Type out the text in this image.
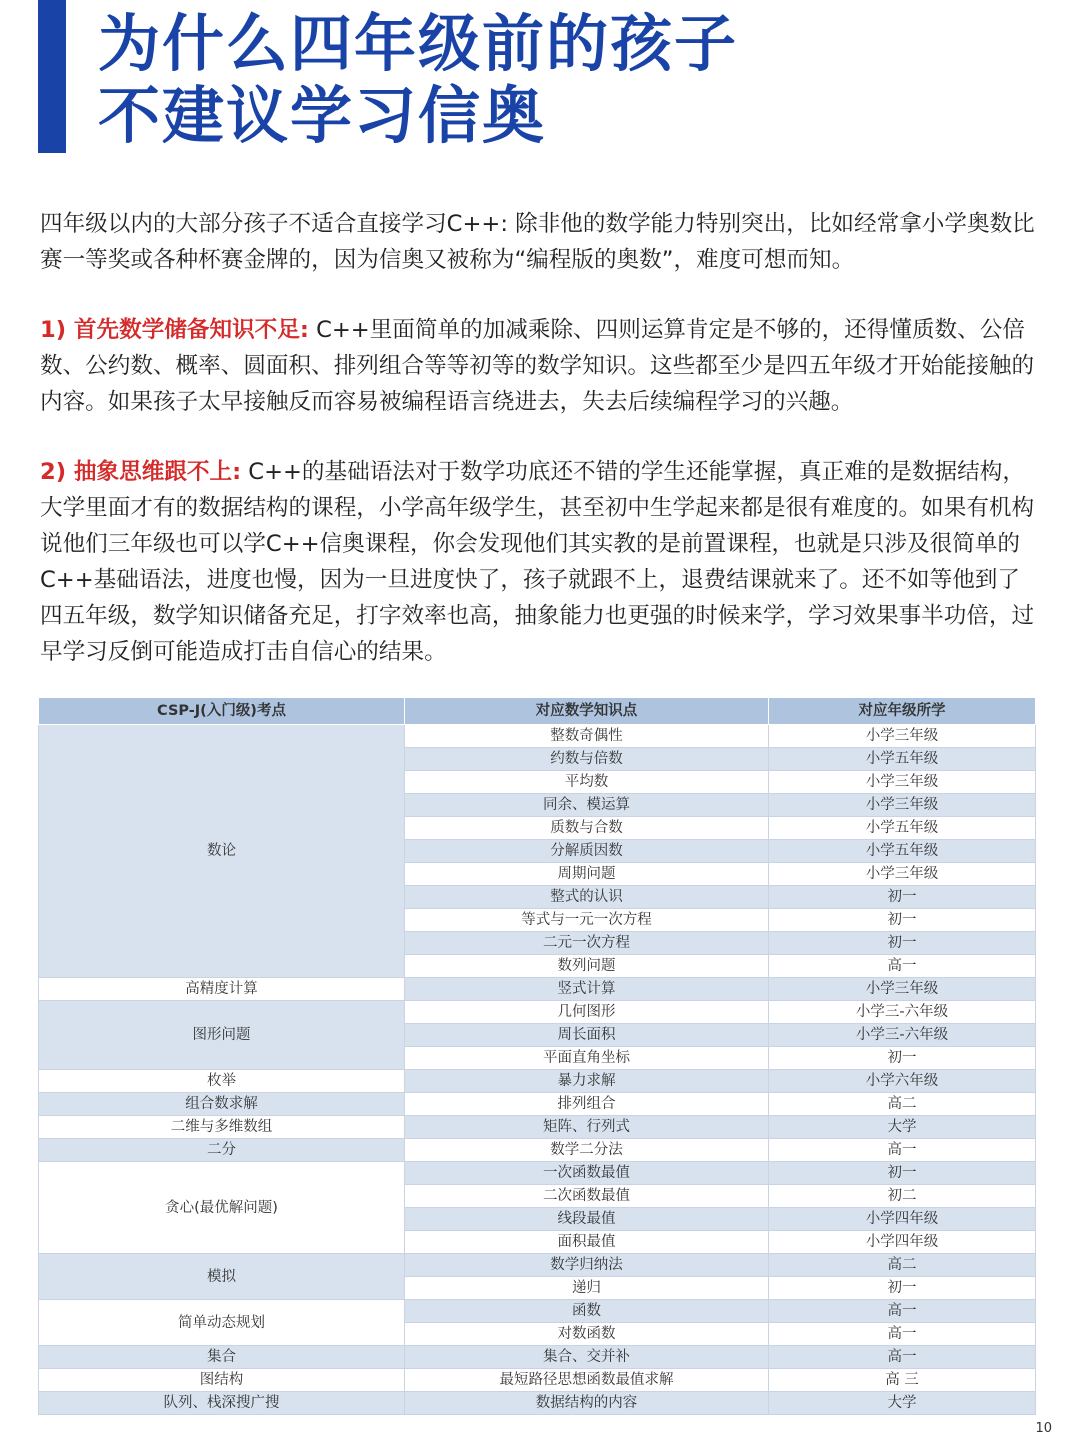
为什么四年级前的孩子
不建议学习信奥

四年级以内的大部分孩子不适合直接学习C++: 除非他的数学能力特别突出，比如经常拿小学奥数比赛一等奖或各种杯赛金牌的，因为信奥又被称为“编程版的奥数”，难度可想而知。

1) 首先数学储备知识不足: C++里面简单的加减乘除、四则运算肯定是不够的，还得懂质数、公倍数、公约数、概率、圆面积、排列组合等等初等的数学知识。这些都至少是四五年级才开始能接触的内容。如果孩子太早接触反而容易被编程语言绕进去，失去后续编程学习的兴趣。

2) 抽象思维跟不上: C++的基础语法对于数学功底还不错的学生还能掌握，真正难的是数据结构，大学里面才有的数据结构的课程，小学高年级学生，甚至初中生学起来都是很有难度的。如果有机构说他们三年级也可以学C++信奥课程，你会发现他们其实教的是前置课程，也就是只涉及很简单的C++基础语法，进度也慢，因为一旦进度快了，孩子就跟不上，退费结课就来了。还不如等他到了四五年级，数学知识储备充足，打字效率也高，抽象能力也更强的时候来学，学习效果事半功倍，过早学习反倒可能造成打击自信心的结果。

CSP-J(入门级)考点	对应数学知识点	对应年级所学
数论	整数奇偶性	小学三年级
	约数与倍数	小学五年级
	平均数	小学三年级
	同余、模运算	小学三年级
	质数与合数	小学五年级
	分解质因数	小学五年级
	周期问题	小学三年级
	整式的认识	初一
	等式与一元一次方程	初一
	二元一次方程	初一
	数列问题	高一
高精度计算	竖式计算	小学三年级
图形问题	几何图形	小学三-六年级
	周长面积	小学三-六年级
	平面直角坐标	初一
枚举	暴力求解	小学六年级
组合数求解	排列组合	高二
二维与多维数组	矩阵、行列式	大学
二分	数学二分法	高一
贪心(最优解问题)	一次函数最值	初一
	二次函数最值	初二
	线段最值	小学四年级
	面积最值	小学四年级
模拟	数学归纳法	高二
	递归	初一
简单动态规划	函数	高一
	对数函数	高一
集合	集合、交并补	高一
图结构	最短路径思想函数最值求解	高 三
队列、栈深搜广搜	数据结构的内容	大学
10
